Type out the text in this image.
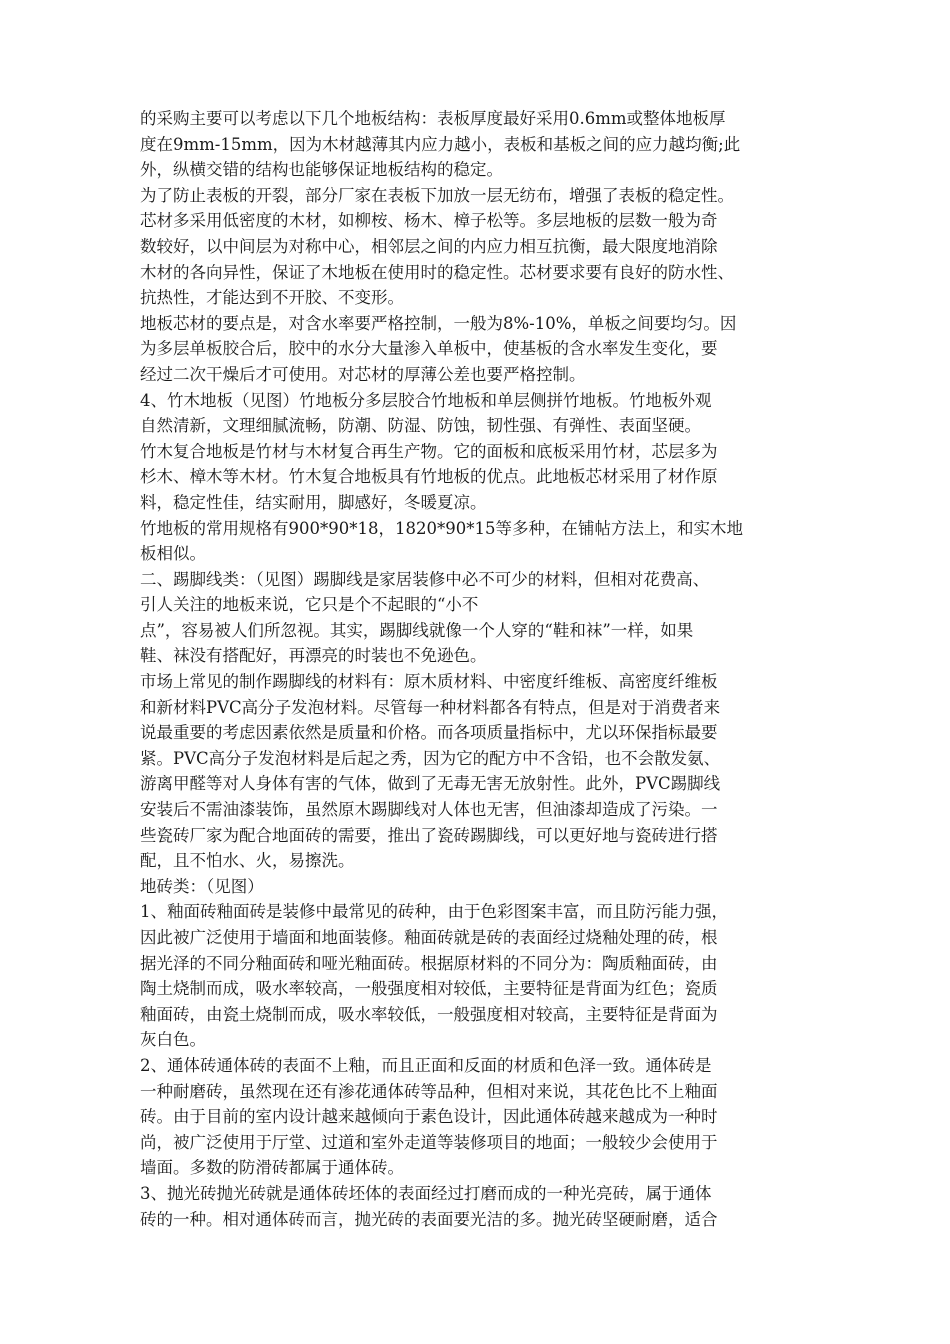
的采购主要可以考虑以下几个地板结构：表板厚度最好采用0.6mm或整体地板厚
度在9mm-15mm，因为木材越薄其内应力越小，表板和基板之间的应力越均衡;此
外，纵横交错的结构也能够保证地板结构的稳定。
为了防止表板的开裂，部分厂家在表板下加放一层无纺布，增强了表板的稳定性。
芯材多采用低密度的木材，如柳桉、杨木、樟子松等。多层地板的层数一般为奇
数较好，以中间层为对称中心，相邻层之间的内应力相互抗衡，最大限度地消除
木材的各向异性，保证了木地板在使用时的稳定性。芯材要求要有良好的防水性、
抗热性，才能达到不开胶、不变形。
地板芯材的要点是，对含水率要严格控制，一般为8%-10%，单板之间要均匀。因
为多层单板胶合后，胶中的水分大量渗入单板中，使基板的含水率发生变化，要
经过二次干燥后才可使用。对芯材的厚薄公差也要严格控制。
4、竹木地板（见图）竹地板分多层胶合竹地板和单层侧拼竹地板。竹地板外观
自然清新，文理细腻流畅，防潮、防湿、防蚀，韧性强、有弹性、表面坚硬。
竹木复合地板是竹材与木材复合再生产物。它的面板和底板采用竹材，芯层多为
杉木、樟木等木材。竹木复合地板具有竹地板的优点。此地板芯材采用了材作原
料，稳定性佳，结实耐用，脚感好，冬暖夏凉。
竹地板的常用规格有900*90*18，1820*90*15等多种，在铺帖方法上，和实木地
板相似。
二、踢脚线类：（见图）踢脚线是家居装修中必不可少的材料，但相对花费高、
引人关注的地板来说，它只是个不起眼的“小不
点”，容易被人们所忽视。其实，踢脚线就像一个人穿的“鞋和袜”一样，如果
鞋、袜没有搭配好，再漂亮的时装也不免逊色。
市场上常见的制作踢脚线的材料有：原木质材料、中密度纤维板、高密度纤维板
和新材料PVC高分子发泡材料。尽管每一种材料都各有特点，但是对于消费者来
说最重要的考虑因素依然是质量和价格。而各项质量指标中，尤以环保指标最要
紧。PVC高分子发泡材料是后起之秀，因为它的配方中不含铅，也不会散发氨、
游离甲醛等对人身体有害的气体，做到了无毒无害无放射性。此外，PVC踢脚线
安装后不需油漆装饰，虽然原木踢脚线对人体也无害，但油漆却造成了污染。一
些瓷砖厂家为配合地面砖的需要，推出了瓷砖踢脚线，可以更好地与瓷砖进行搭
配，且不怕水、火，易擦洗。
地砖类：（见图）
1、釉面砖釉面砖是装修中最常见的砖种，由于色彩图案丰富，而且防污能力强，
因此被广泛使用于墙面和地面装修。釉面砖就是砖的表面经过烧釉处理的砖，根
据光泽的不同分釉面砖和哑光釉面砖。根据原材料的不同分为：陶质釉面砖，由
陶土烧制而成，吸水率较高，一般强度相对较低，主要特征是背面为红色；瓷质
釉面砖，由瓷土烧制而成，吸水率较低，一般强度相对较高，主要特征是背面为
灰白色。
2、通体砖通体砖的表面不上釉，而且正面和反面的材质和色泽一致。通体砖是
一种耐磨砖，虽然现在还有渗花通体砖等品种，但相对来说，其花色比不上釉面
砖。由于目前的室内设计越来越倾向于素色设计，因此通体砖越来越成为一种时
尚，被广泛使用于厅堂、过道和室外走道等装修项目的地面；一般较少会使用于
墙面。多数的防滑砖都属于通体砖。
3、抛光砖抛光砖就是通体砖坯体的表面经过打磨而成的一种光亮砖，属于通体
砖的一种。相对通体砖而言，抛光砖的表面要光洁的多。抛光砖坚硬耐磨，适合
